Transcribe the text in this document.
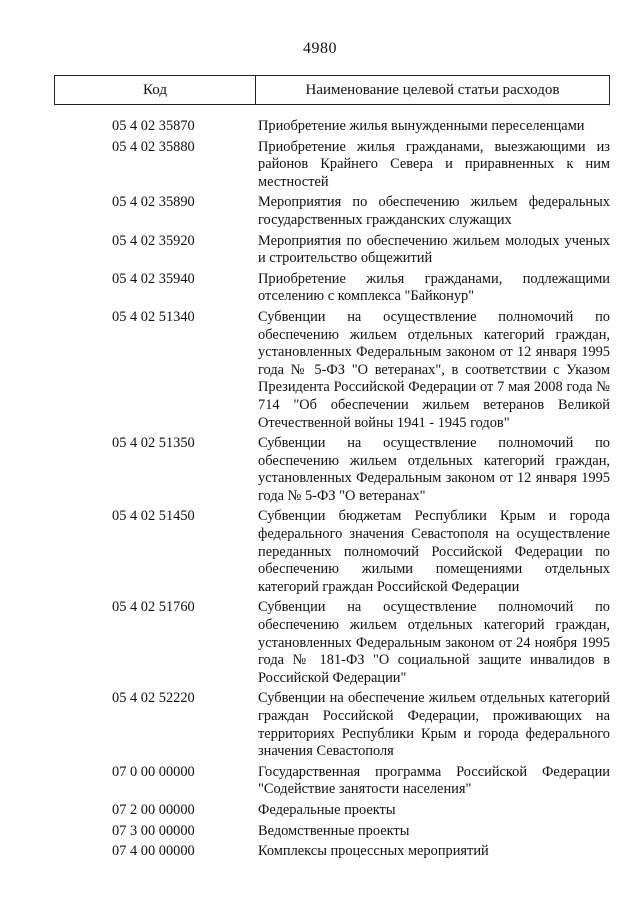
4980
Код	Наименование целевой статьи расходов
05 4 02 35870	Приобретение жилья вынужденными переселенцами
05 4 02 35880	Приобретение жилья гражданами, выезжающими из районов Крайнего Севера и приравненных к ним местностей
05 4 02 35890	Мероприятия по обеспечению жильем федеральных государственных гражданских служащих
05 4 02 35920	Мероприятия по обеспечению жильем молодых ученых и строительство общежитий
05 4 02 35940	Приобретение жилья гражданами, подлежащими отселению с комплекса "Байконур"
05 4 02 51340	Субвенции на осуществление полномочий по обеспечению жильем отдельных категорий граждан, установленных Федеральным законом от 12 января 1995 года № 5-ФЗ "О ветеранах", в соответствии с Указом Президента Российской Федерации от 7 мая 2008 года № 714 "Об обеспечении жильем ветеранов Великой Отечественной войны 1941 - 1945 годов"
05 4 02 51350	Субвенции на осуществление полномочий по обеспечению жильем отдельных категорий граждан, установленных Федеральным законом от 12 января 1995 года № 5-ФЗ "О ветеранах"
05 4 02 51450	Субвенции бюджетам Республики Крым и города федерального значения Севастополя на осуществление переданных полномочий Российской Федерации по обеспечению жилыми помещениями отдельных категорий граждан Российской Федерации
05 4 02 51760	Субвенции на осуществление полномочий по обеспечению жильем отдельных категорий граждан, установленных Федеральным законом от 24 ноября 1995 года № 181-ФЗ "О социальной защите инвалидов в Российской Федерации"
05 4 02 52220	Субвенции на обеспечение жильем отдельных категорий граждан Российской Федерации, проживающих на территориях Республики Крым и города федерального значения Севастополя
07 0 00 00000	Государственная программа Российской Федерации "Содействие занятости населения"
07 2 00 00000	Федеральные проекты
07 3 00 00000	Ведомственные проекты
07 4 00 00000	Комплексы процессных мероприятий
